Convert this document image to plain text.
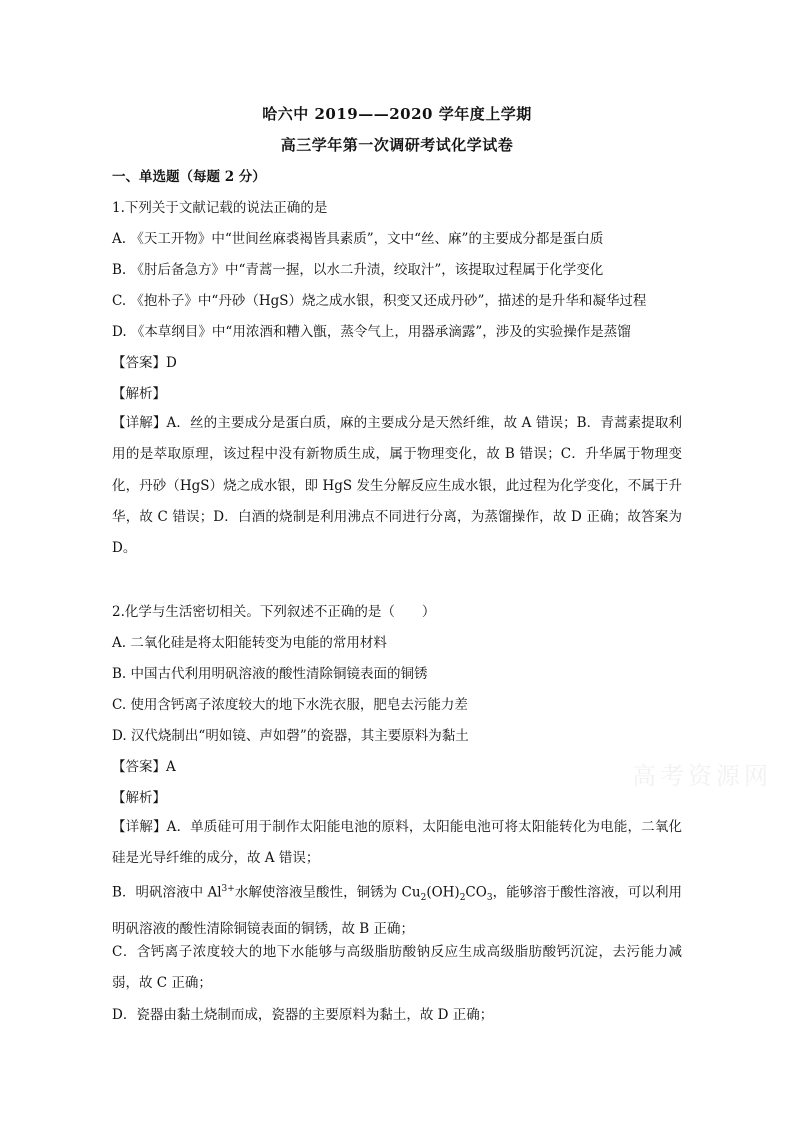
哈六中 2019——2020 学年度上学期
高三学年第一次调研考试化学试卷
一、单选题（每题 2 分）
1.下列关于文献记载的说法正确的是
A. 《天工开物》中“世间丝麻裘褐皆具素质”，文中“丝、麻”的主要成分都是蛋白质
B. 《肘后备急方》中“青蒿一握，以水二升渍，绞取汁”，该提取过程属于化学变化
C. 《抱朴子》中“丹砂（HgS）烧之成水银，积变又还成丹砂”，描述的是升华和凝华过程
D. 《本草纲目》中“用浓酒和糟入甑，蒸令气上，用器承滴露”，涉及的实验操作是蒸馏
【答案】D
【解析】
【详解】A．丝的主要成分是蛋白质，麻的主要成分是天然纤维，故 A 错误；B．青蒿素提取利用的是萃取原理，该过程中没有新物质生成，属于物理变化，故 B 错误；C．升华属于物理变化，丹砂（HgS）烧之成水银，即 HgS 发生分解反应生成水银，此过程为化学变化，不属于升华，故 C 错误；D．白酒的烧制是利用沸点不同进行分离，为蒸馏操作，故 D 正确；故答案为 D。
2.化学与生活密切相关。下列叙述不正确的是（　　）
A. 二氧化硅是将太阳能转变为电能的常用材料
B. 中国古代利用明矾溶液的酸性清除铜镜表面的铜锈
C. 使用含钙离子浓度较大的地下水洗衣服，肥皂去污能力差
D. 汉代烧制出“明如镜、声如磬”的瓷器，其主要原料为黏土
【答案】A
【解析】
【详解】A．单质硅可用于制作太阳能电池的原料，太阳能电池可将太阳能转化为电能，二氧化硅是光导纤维的成分，故 A 错误；
B．明矾溶液中 $Al^{3+}$水解使溶液呈酸性，铜锈为 $Cu_2(OH)_2CO_3$，能够溶于酸性溶液，可以利用明矾溶液的酸性清除铜镜表面的铜锈，故 B 正确；
C．含钙离子浓度较大的地下水能够与高级脂肪酸钠反应生成高级脂肪酸钙沉淀，去污能力减弱，故 C 正确；
D．瓷器由黏土烧制而成，瓷器的主要原料为黏土，故 D 正确；
高考资源网
